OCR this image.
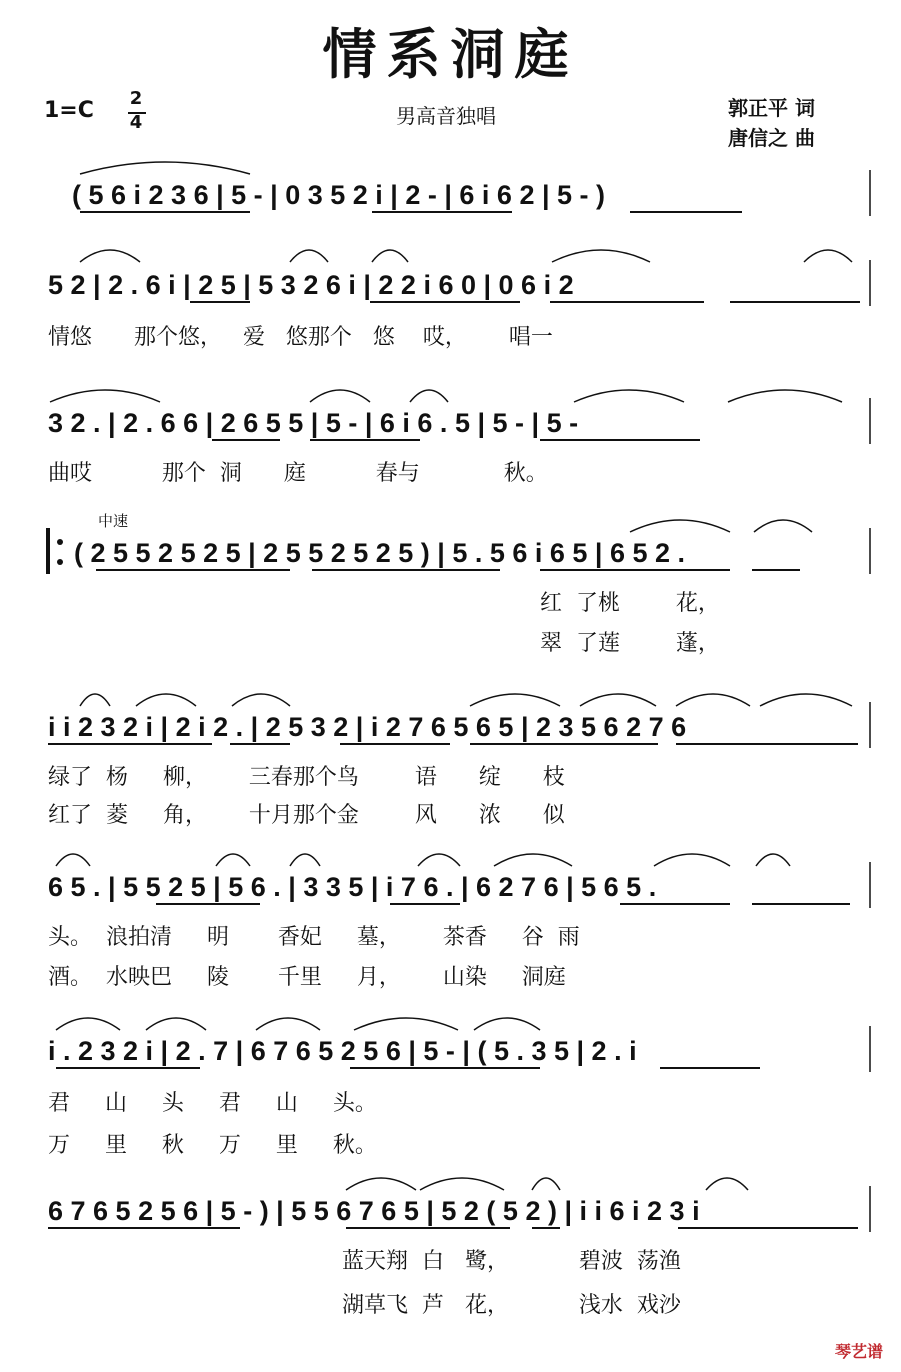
情系洞庭
1=C 2
4	男高音独唱	郭正平 词
唐信之 曲
( 5 6 i 2 3 6 | 5 - | 0 3 5 2 i | 2 - | 6 i 6 2 | 5 - )
5 2 | 2 . 6 i | 2 5 | 5 3 2 6 i | 2 2 i 6 0 | 0 6 i 2
情悠      那个悠，   爱   悠那个   悠    哎，      唱一
3 2 . | 2 . 6 6 | 2 6 5 5 | 5 - | 6 i 6 . 5 | 5 - | 5 -
曲哎          那个  洞      庭          春与            秋。
中速
( 2 5 5 2 5 2 5 | 2 5 5 2 5 2 5 ) | 5 . 5 6 i 6 5 | 6 5 2 .
红  了桃        花，
翠  了莲        蓬，
i i 2 3 2 i | 2 i 2 . | 2 5 3 2 | i 2 7 6 5 6 5 | 2 3 5 6 2 7 6
绿了  杨     柳，      三春那个鸟        语      绽      枝
红了  菱     角，      十月那个金        风      浓      似
6 5 . | 5 5 2 5 | 5 6 . | 3 3 5 | i 7 6 . | 6 2 7 6 | 5 6 5 .
头。  浪拍清     明       香妃     墓，      茶香     谷  雨
酒。  水映巴     陵       千里     月，      山染     洞庭
i . 2 3 2 i | 2 . 7 | 6 7 6 5 2 5 6 | 5 - | ( 5 . 3 5 | 2 . i
君     山     头     君     山     头。
万     里     秋     万     里     秋。
6 7 6 5 2 5 6 | 5 - ) | 5 5 6 7 6 5 | 5 2 ( 5 2 ) | i i 6 i 2 3 i
蓝天翔  白   鹭，          碧波  荡渔
湖草飞  芦   花，          浅水  戏沙
琴艺谱
